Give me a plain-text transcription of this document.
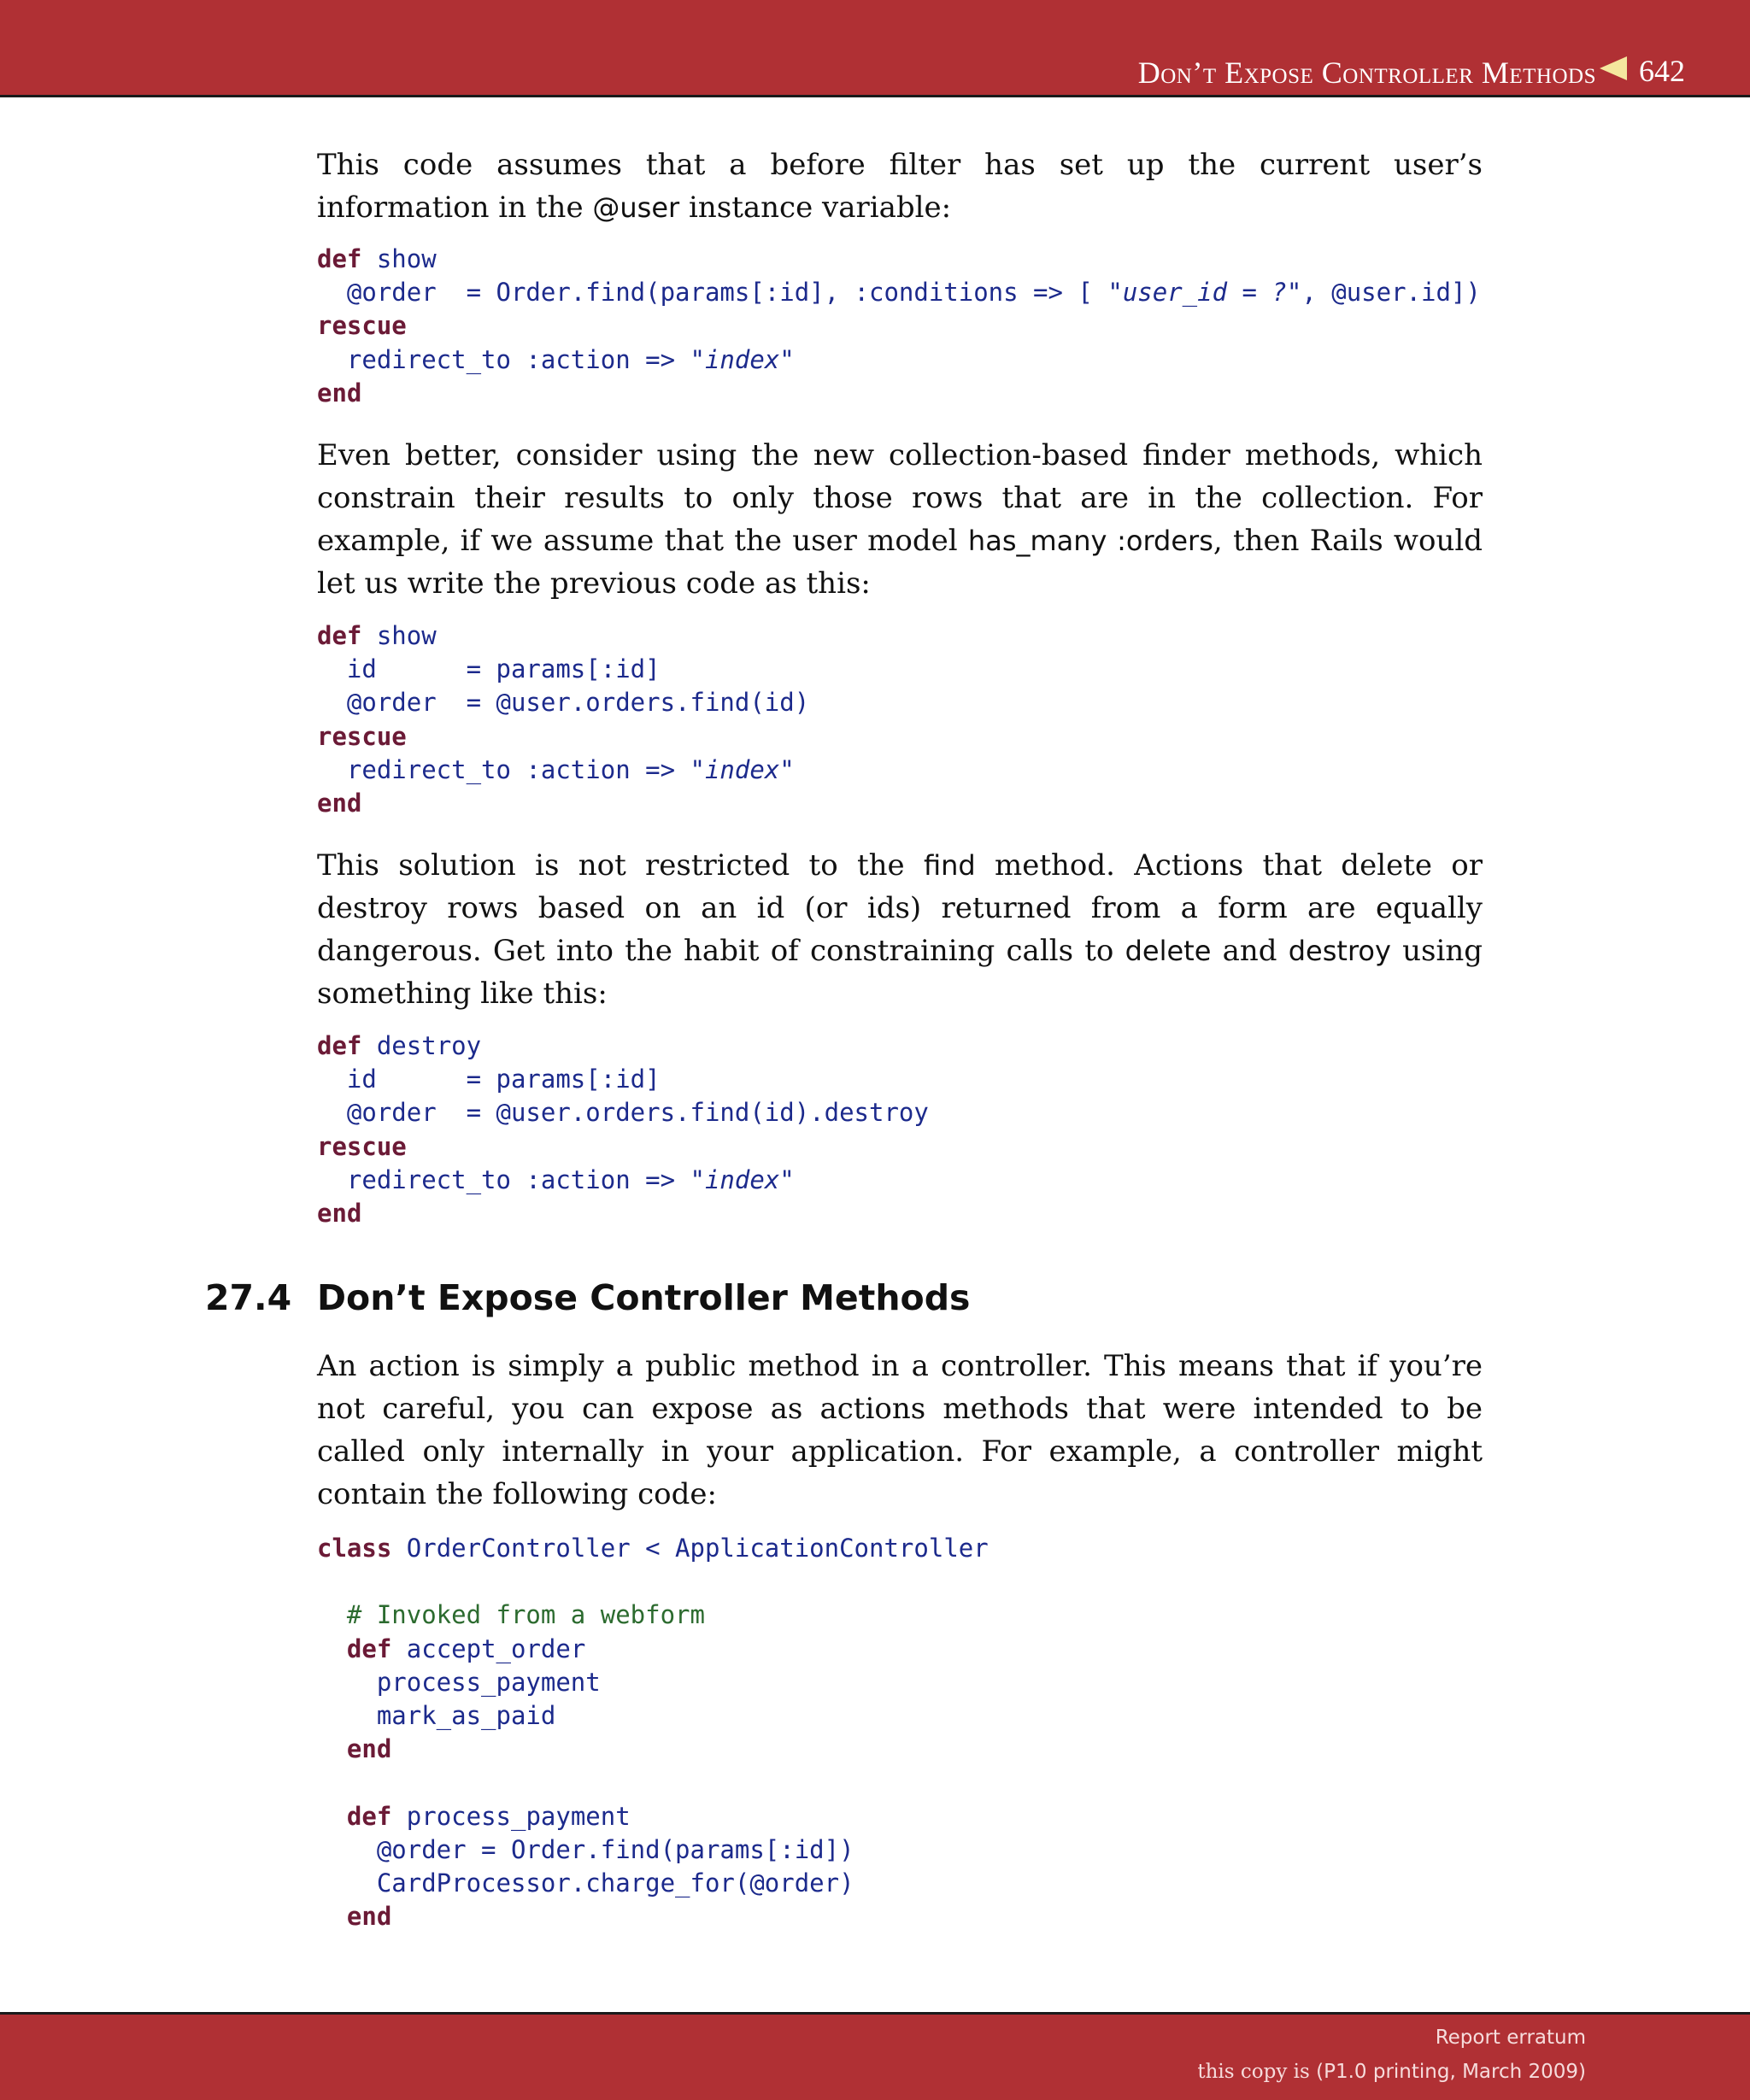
Don’t Expose Controller Methods 642

This code assumes that a before filter has set up the current user’s information in the @user instance variable:

def show
@order  = Order.find(params[:id], :conditions => [ "user_id = ?", @user.id])
rescue
redirect_to :action => "index"
end

Even better, consider using the new collection-based finder methods, which constrain their results to only those rows that are in the collection. For example, if we assume that the user model has_many :orders, then Rails would let us write the previous code as this:

def show
id      = params[:id]
@order  = @user.orders.find(id)
rescue
redirect_to :action => "index"
end

This solution is not restricted to the find method. Actions that delete or destroy rows based on an id (or ids) returned from a form are equally dangerous. Get into the habit of constraining calls to delete and destroy using something like this:

def destroy
id      = params[:id]
@order  = @user.orders.find(id).destroy
rescue
redirect_to :action => "index"
end
27.4 Don’t Expose Controller Methods

An action is simply a public method in a controller. This means that if you’re not careful, you can expose as actions methods that were intended to be called only internally in your application. For example, a controller might contain the following code:

class OrderController < ApplicationController

# Invoked from a webform
def accept_order
process_payment
mark_as_paid
end

def process_payment
@order = Order.find(params[:id])
CardProcessor.charge_for(@order)
end
Report erratum
this copy is (P1.0 printing, March 2009)
